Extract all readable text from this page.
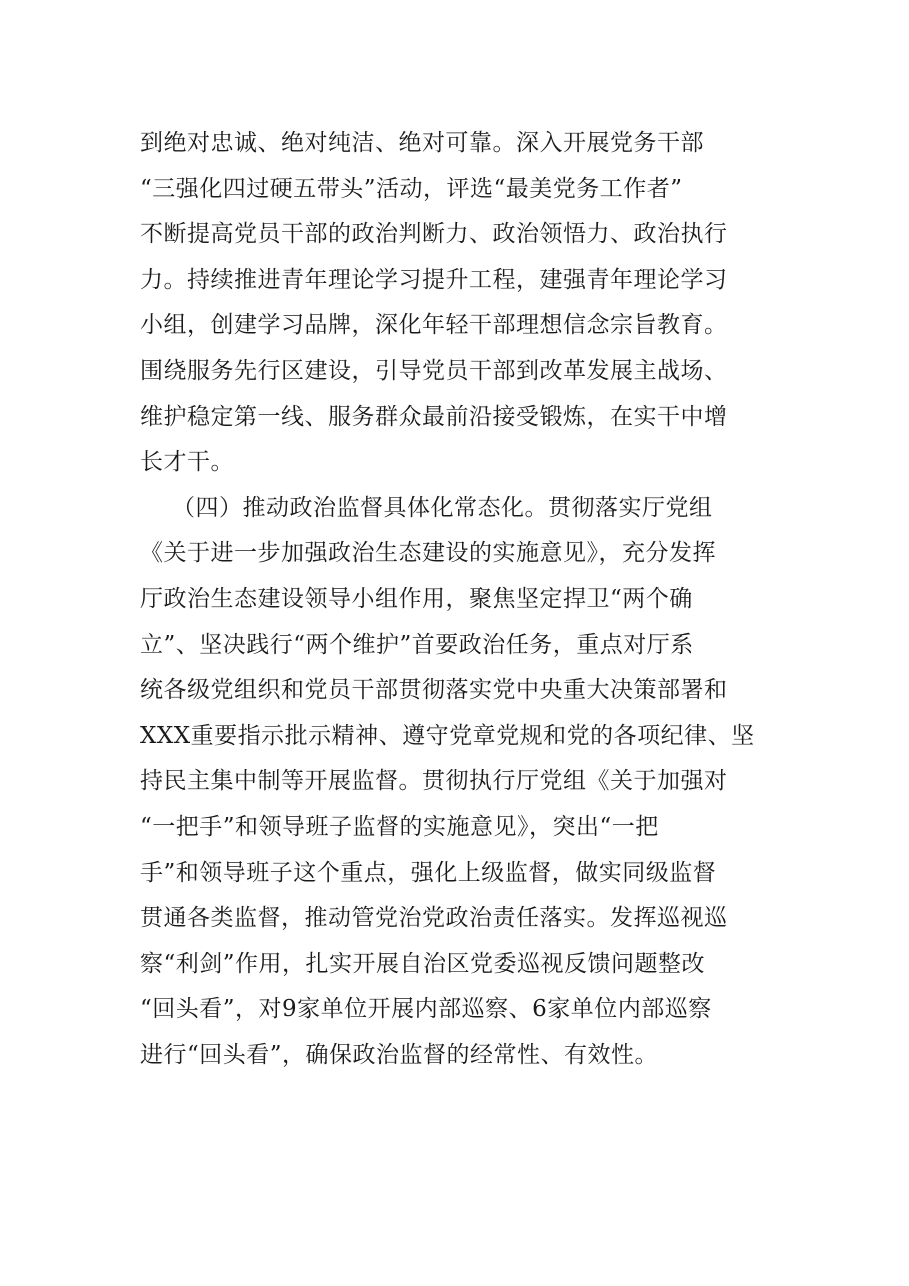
到绝对忠诚、绝对纯洁、绝对可靠。深入开展党务干部
“三强化四过硬五带头”活动，评选“最美党务工作者”
不断提高党员干部的政治判断力、政治领悟力、政治执行
力。持续推进青年理论学习提升工程，建强青年理论学习
小组，创建学习品牌，深化年轻干部理想信念宗旨教育。
围绕服务先行区建设，引导党员干部到改革发展主战场、
维护稳定第一线、服务群众最前沿接受锻炼，在实干中增
长才干。
（四）推动政治监督具体化常态化。贯彻落实厅党组
《关于进一步加强政治生态建设的实施意见》，充分发挥
厅政治生态建设领导小组作用，聚焦坚定捍卫“两个确
立”、坚决践行“两个维护”首要政治任务，重点对厅系
统各级党组织和党员干部贯彻落实党中央重大决策部署和
XXX重要指示批示精神、遵守党章党规和党的各项纪律、坚
持民主集中制等开展监督。贯彻执行厅党组《关于加强对
“一把手”和领导班子监督的实施意见》，突出“一把
手”和领导班子这个重点，强化上级监督，做实同级监督
贯通各类监督，推动管党治党政治责任落实。发挥巡视巡
察“利剑”作用，扎实开展自治区党委巡视反馈问题整改
“回头看”，对9家单位开展内部巡察、6家单位内部巡察
进行“回头看”，确保政治监督的经常性、有效性。
